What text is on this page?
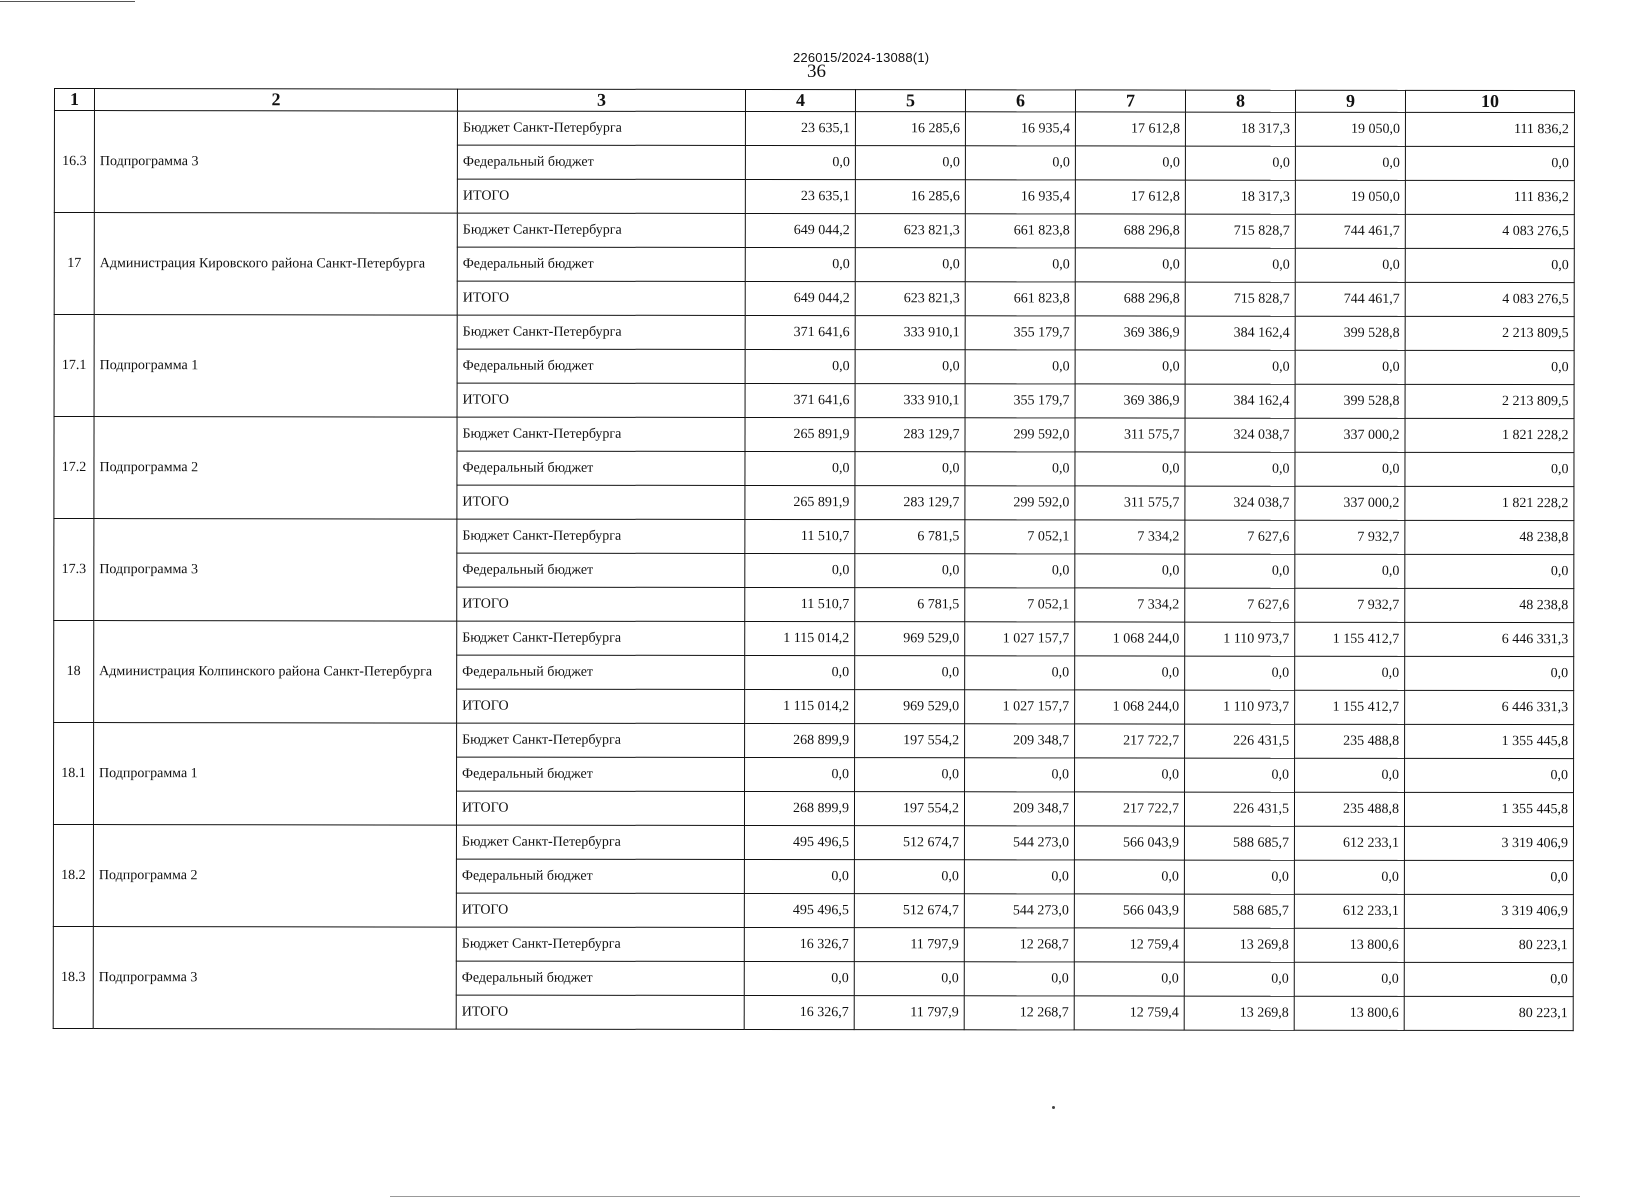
226015/2024-13088(1)
36
1	2	3	4	5	6	7	8	9	10
16.3	Подпрограмма 3	Бюджет Санкт-Петербурга	23 635,1	16 285,6	16 935,4	17 612,8	18 317,3	19 050,0	111 836,2
		Федеральный бюджет	0,0	0,0	0,0	0,0	0,0	0,0	0,0
		ИТОГО	23 635,1	16 285,6	16 935,4	17 612,8	18 317,3	19 050,0	111 836,2
17	Администрация Кировского района Санкт-Петербурга	Бюджет Санкт-Петербурга	649 044,2	623 821,3	661 823,8	688 296,8	715 828,7	744 461,7	4 083 276,5
		Федеральный бюджет	0,0	0,0	0,0	0,0	0,0	0,0	0,0
		ИТОГО	649 044,2	623 821,3	661 823,8	688 296,8	715 828,7	744 461,7	4 083 276,5
17.1	Подпрограмма 1	Бюджет Санкт-Петербурга	371 641,6	333 910,1	355 179,7	369 386,9	384 162,4	399 528,8	2 213 809,5
		Федеральный бюджет	0,0	0,0	0,0	0,0	0,0	0,0	0,0
		ИТОГО	371 641,6	333 910,1	355 179,7	369 386,9	384 162,4	399 528,8	2 213 809,5
17.2	Подпрограмма 2	Бюджет Санкт-Петербурга	265 891,9	283 129,7	299 592,0	311 575,7	324 038,7	337 000,2	1 821 228,2
		Федеральный бюджет	0,0	0,0	0,0	0,0	0,0	0,0	0,0
		ИТОГО	265 891,9	283 129,7	299 592,0	311 575,7	324 038,7	337 000,2	1 821 228,2
17.3	Подпрограмма 3	Бюджет Санкт-Петербурга	11 510,7	6 781,5	7 052,1	7 334,2	7 627,6	7 932,7	48 238,8
		Федеральный бюджет	0,0	0,0	0,0	0,0	0,0	0,0	0,0
		ИТОГО	11 510,7	6 781,5	7 052,1	7 334,2	7 627,6	7 932,7	48 238,8
18	Администрация Колпинского района Санкт-Петербурга	Бюджет Санкт-Петербурга	1 115 014,2	969 529,0	1 027 157,7	1 068 244,0	1 110 973,7	1 155 412,7	6 446 331,3
		Федеральный бюджет	0,0	0,0	0,0	0,0	0,0	0,0	0,0
		ИТОГО	1 115 014,2	969 529,0	1 027 157,7	1 068 244,0	1 110 973,7	1 155 412,7	6 446 331,3
18.1	Подпрограмма 1	Бюджет Санкт-Петербурга	268 899,9	197 554,2	209 348,7	217 722,7	226 431,5	235 488,8	1 355 445,8
		Федеральный бюджет	0,0	0,0	0,0	0,0	0,0	0,0	0,0
		ИТОГО	268 899,9	197 554,2	209 348,7	217 722,7	226 431,5	235 488,8	1 355 445,8
18.2	Подпрограмма 2	Бюджет Санкт-Петербурга	495 496,5	512 674,7	544 273,0	566 043,9	588 685,7	612 233,1	3 319 406,9
		Федеральный бюджет	0,0	0,0	0,0	0,0	0,0	0,0	0,0
		ИТОГО	495 496,5	512 674,7	544 273,0	566 043,9	588 685,7	612 233,1	3 319 406,9
18.3	Подпрограмма 3	Бюджет Санкт-Петербурга	16 326,7	11 797,9	12 268,7	12 759,4	13 269,8	13 800,6	80 223,1
		Федеральный бюджет	0,0	0,0	0,0	0,0	0,0	0,0	0,0
		ИТОГО	16 326,7	11 797,9	12 268,7	12 759,4	13 269,8	13 800,6	80 223,1
